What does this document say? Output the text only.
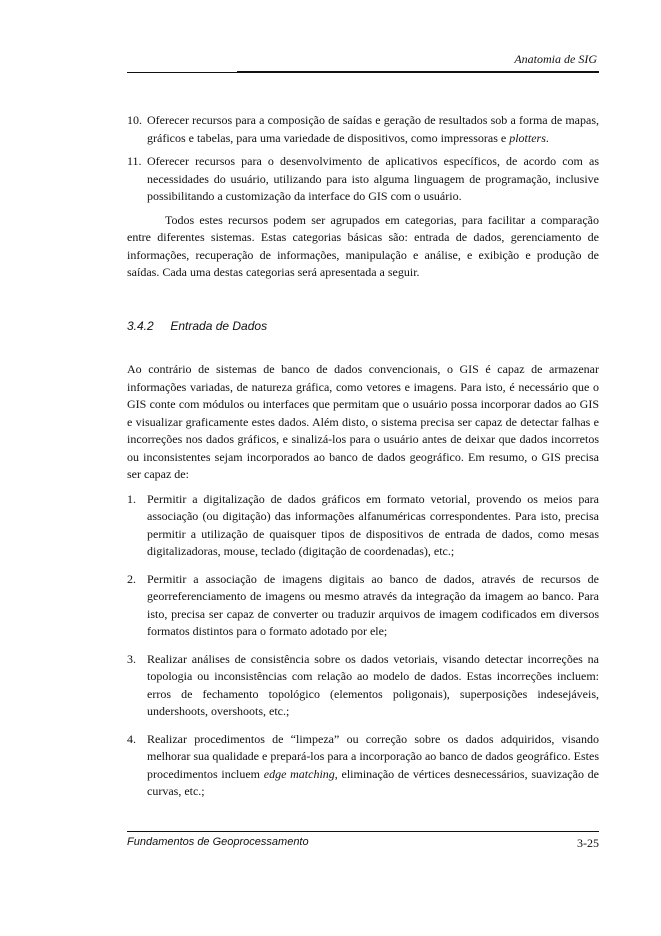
Anatomia de SIG
10. Oferecer recursos para a composição de saídas e geração de resultados sob a forma de mapas, gráficos e tabelas, para uma variedade de dispositivos, como impressoras e plotters.
11. Oferecer recursos para o desenvolvimento de aplicativos específicos, de acordo com as necessidades do usuário, utilizando para isto alguma linguagem de programação, inclusive possibilitando a customização da interface do GIS com o usuário.

Todos estes recursos podem ser agrupados em categorias, para facilitar a comparação entre diferentes sistemas. Estas categorias básicas são: entrada de dados, gerenciamento de informações, recuperação de informações, manipulação e análise, e exibição e produção de saídas. Cada uma destas categorias será apresentada a seguir.

3.4.2 Entrada de Dados

Ao contrário de sistemas de banco de dados convencionais, o GIS é capaz de armazenar informações variadas, de natureza gráfica, como vetores e imagens. Para isto, é necessário que o GIS conte com módulos ou interfaces que permitam que o usuário possa incorporar dados ao GIS e visualizar graficamente estes dados. Além disto, o sistema precisa ser capaz de detectar falhas e incorreções nos dados gráficos, e sinalizá-los para o usuário antes de deixar que dados incorretos ou inconsistentes sejam incorporados ao banco de dados geográfico. Em resumo, o GIS precisa ser capaz de:

1. Permitir a digitalização de dados gráficos em formato vetorial, provendo os meios para associação (ou digitação) das informações alfanuméricas correspondentes. Para isto, precisa permitir a utilização de quaisquer tipos de dispositivos de entrada de dados, como mesas digitalizadoras, mouse, teclado (digitação de coordenadas), etc.;
2. Permitir a associação de imagens digitais ao banco de dados, através de recursos de georreferenciamento de imagens ou mesmo através da integração da imagem ao banco. Para isto, precisa ser capaz de converter ou traduzir arquivos de imagem codificados em diversos formatos distintos para o formato adotado por ele;
3. Realizar análises de consistência sobre os dados vetoriais, visando detectar incorreções na topologia ou inconsistências com relação ao modelo de dados. Estas incorreções incluem: erros de fechamento topológico (elementos poligonais), superposições indesejáveis, undershoots, overshoots, etc.;
4. Realizar procedimentos de “limpeza” ou correção sobre os dados adquiridos, visando melhorar sua qualidade e prepará-los para a incorporação ao banco de dados geográfico. Estes procedimentos incluem edge matching, eliminação de vértices desnecessários, suavização de curvas, etc.;
Fundamentos de Geoprocessamento	3-25
